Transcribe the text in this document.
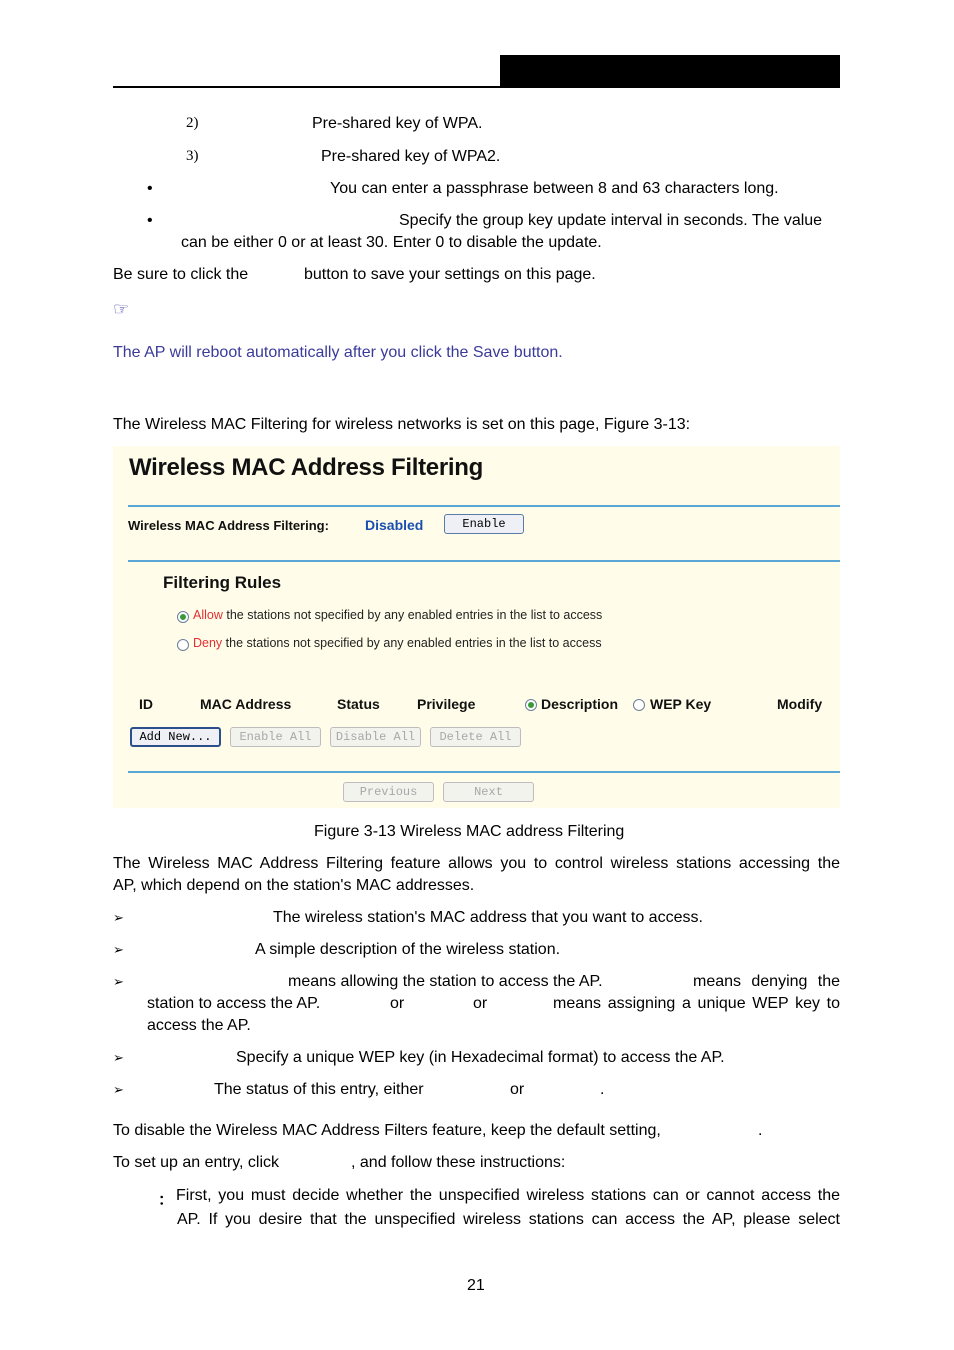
2)	Pre-shared key of WPA.
3)	Pre-shared key of WPA2.
•	You can enter a passphrase between 8 and 63 characters long.
•	Specify the group key update interval in seconds. The value
can be either 0 or at least 30. Enter 0 to disable the update.
Be sure to click the	button to save your settings on this page.
☞
The AP will reboot automatically after you click the Save button.
The Wireless MAC Filtering for wireless networks is set on this page, Figure 3-13:
Wireless MAC Address Filtering
Wireless MAC Address Filtering:	Disabled	Enable
Filtering Rules
Allow the stations not specified by any enabled entries in the list to access
Deny the stations not specified by any enabled entries in the list to access
ID	MAC Address	Status	Privilege	Description WEP Key	Modify
Add New...	Enable All	Disable All	Delete All
Previous	Next
Figure 3-13 Wireless MAC address Filtering
The Wireless MAC Address Filtering feature allows you to control wireless stations accessing the
AP, which depend on the station's MAC addresses.
➢	The wireless station's MAC address that you want to access.
➢	A simple description of the wireless station.
➢	means allowing the station to access the AP.	means denying the
station to access the AP.	or	or	means assigning a unique WEP key to
access the AP.
➢	Specify a unique WEP key (in Hexadecimal format) to access the AP.
➢	The status of this entry, either	or	.
To disable the Wireless MAC Address Filters feature, keep the default setting,	.
To set up an entry, click	, and follow these instructions:
： First, you must decide whether the unspecified wireless stations can or cannot access the
AP. If you desire that the unspecified wireless stations can access the AP, please select
21
